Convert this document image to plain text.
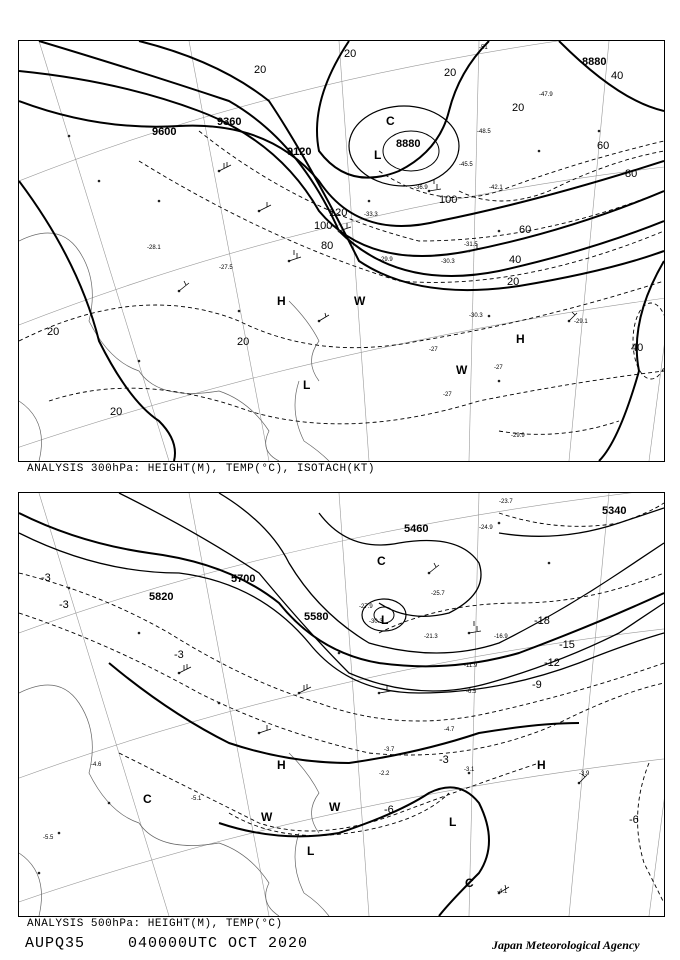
8880
8880
9120
9360
9600
20
20	40
60
80
100
120
100
80
60
40
20
20
20
40
20
20
20
-51
-47.9
-48.5
-45.5
-42.1
-36.9
-33.3
-31.5
-30.3
-29.9
-28.1
-27.5
-29.1
-30.3
-27
-27
-27
-29.9
L
H
H
W
W
L
C
ANALYSIS 300hPa: HEIGHT(M), TEMP(°C), ISOTACH(KT)
5820
5700
5580
5460
5340
-3
-3
-3
-6
-9
-12
-15
-18
-3
-6
-23.7
-24.9
-25.7
-27.9
-30.3
-21.3	-16.9
-11.9
-6.5
-4.7
-3.7
-2.2
-3.1
-3.9
-4.1
-5.1
-4.6
-5.5
L
H	H
W
W
L
L
C
C
C
ANALYSIS 500hPa: HEIGHT(M), TEMP(°C)
AUPQ35	040000UTC OCT 2020	Japan Meteorological Agency
